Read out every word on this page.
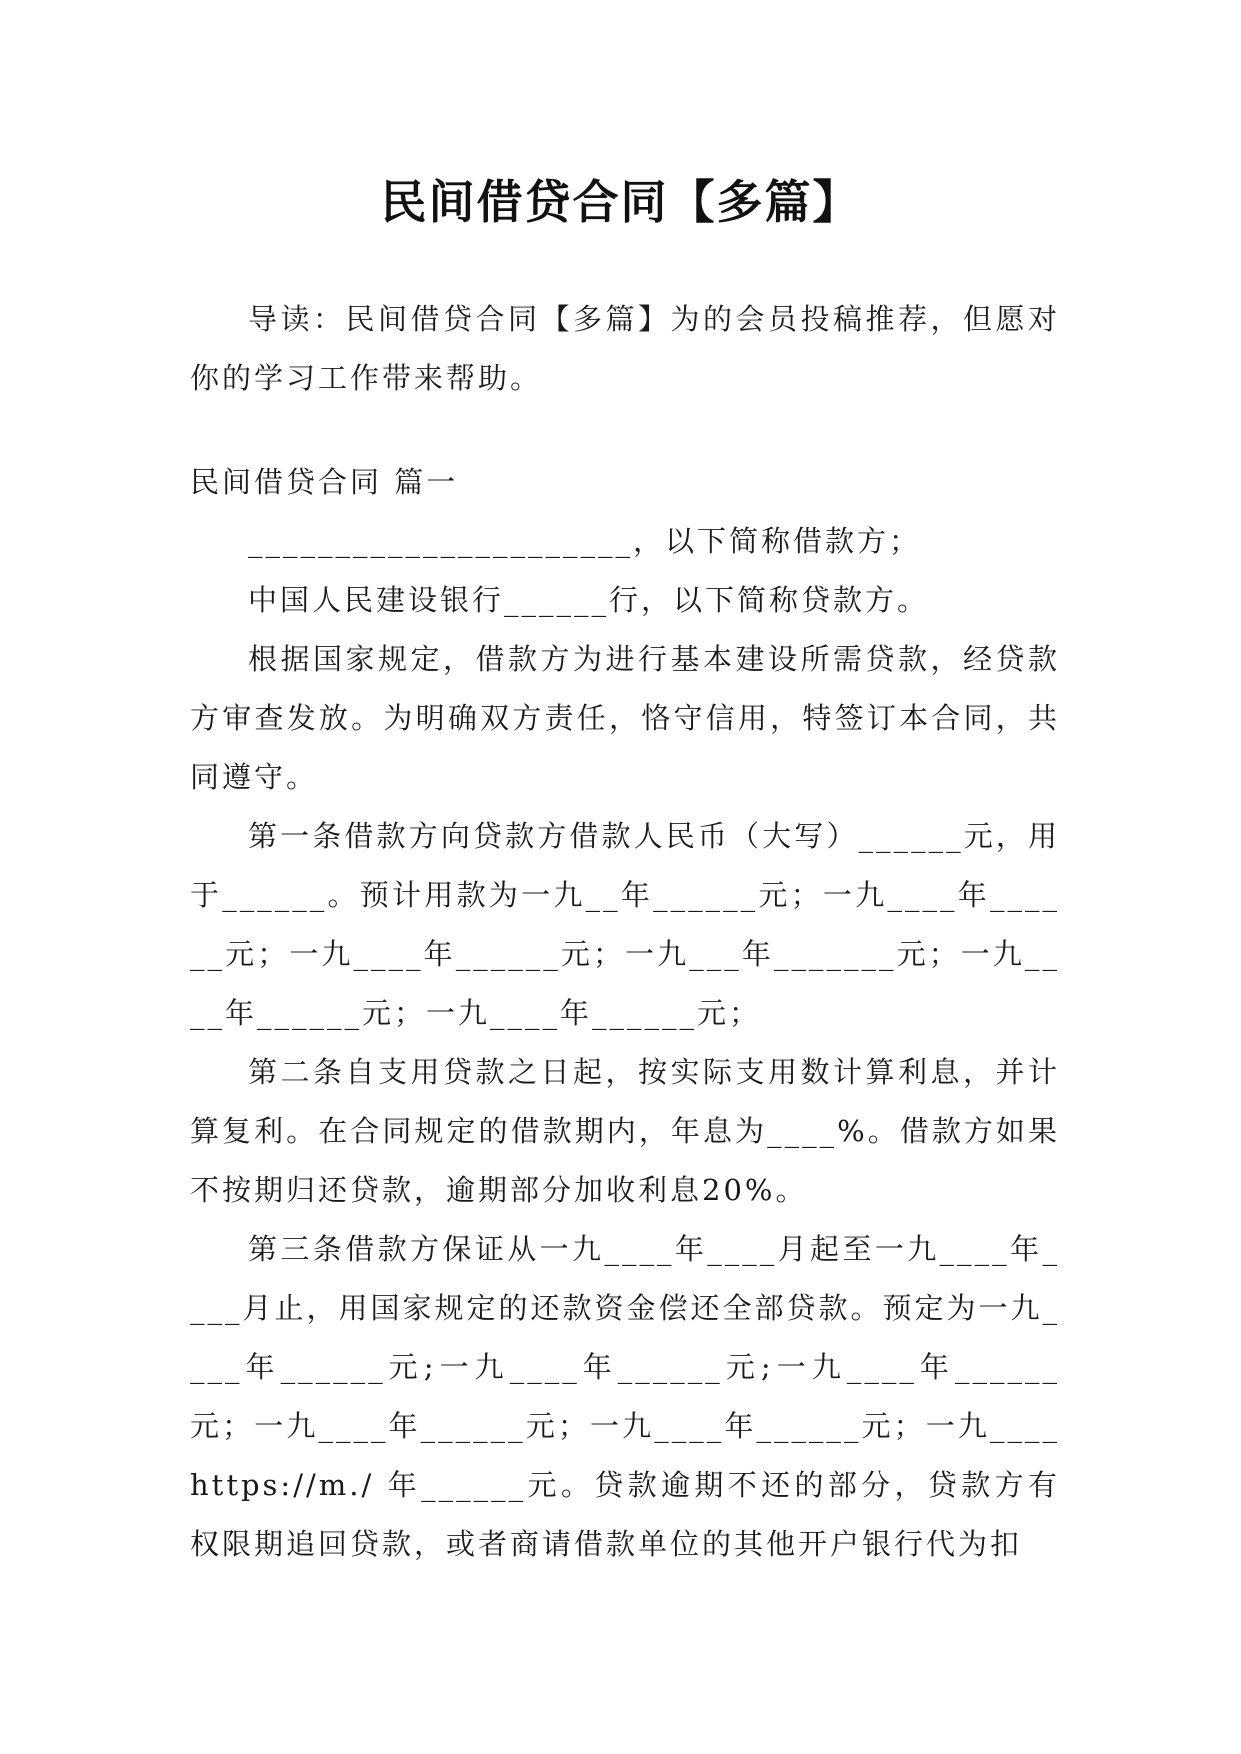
民间借贷合同【多篇】

导读：民间借贷合同【多篇】为的会员投稿推荐，但愿对你的学习工作带来帮助。

民间借贷合同 篇一

______________________，以下简称借款方；

中国人民建设银行______行，以下简称贷款方。

根据国家规定，借款方为进行基本建设所需贷款，经贷款方审查发放。为明确双方责任，恪守信用，特签订本合同，共同遵守。

第一条借款方向贷款方借款人民币（大写）______元，用于______。预计用款为一九__年______元；一九____年______元；一九____年______元；一九___年_______元；一九____年______元；一九____年______元；

第二条自支用贷款之日起，按实际支用数计算利息，并计算复利。在合同规定的借款期内，年息为____%。借款方如果不按期归还贷款，逾期部分加收利息20%。

第三条借款方保证从一九____年____月起至一九____年____月止，用国家规定的还款资金偿还全部贷款。预定为一九____年______元;一九____年______元;一九____年______元；一九____年______元；一九____年______元；一九____https://m./ 年______元。贷款逾期不还的部分，贷款方有权限期追回贷款，或者商请借款单位的其他开户银行代为扣
